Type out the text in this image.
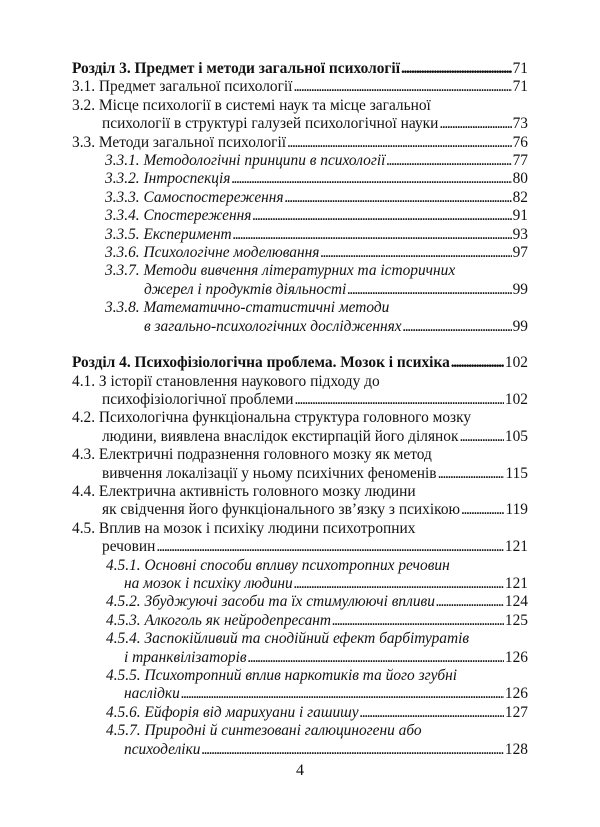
Розділ 3. Предмет і методи загальної психології . . .	71
3.1. Предмет загальної психології . . .	71
3.2. Місце психології в системі наук та місце загальної
психології в структурі галузей психологічної науки . . .	73
3.3. Методи загальної психології . . .	76
3.3.1. Методологічні принципи в психології . . .	77
3.3.2. Інтроспекція . . .	80
3.3.3. Самоспостереження . . .	82
3.3.4. Спостереження . . .	91
3.3.5. Експеримент . . .	93
3.3.6. Психологічне моделювання . . .	97
3.3.7. Методи вивчення літературних та історичних
джерел і продуктів діяльності . . .	99
3.3.8. Математично-статистичні методи
в загально-психологічних дослідженнях . . .	99
Розділ 4. Психофізіологічна проблема. Мозок і психіка . . .	102
4.1. З історії становлення наукового підходу до
психофізіологічної проблеми . . .	102
4.2. Психологічна функціональна структура головного мозку
людини, виявлена внаслідок екстирпацій його ділянок . . .	105
4.3. Електричні подразнення головного мозку як метод
вивчення локалізації у ньому психічних феноменів . . .	115
4.4. Електрична активність головного мозку людини
як свідчення його функціонального зв’язку з психікою . . .	119
4.5. Вплив на мозок і психіку людини психотропних
речовин . . .	121
4.5.1. Основні способи впливу психотропних речовин
на мозок і психіку людини . . .	121
4.5.2. Збуджуючі засоби та їх стимулюючі впливи . . .	124
4.5.3. Алкоголь як нейродепресант . . .	125
4.5.4. Заспокійливий та снодійний ефект барбітуратів
і транквілізаторів . . .	126
4.5.5. Психотропний вплив наркотиків та його згубні
наслідки . . .	126
4.5.6. Ейфорія від марихуани і гашишу . . .	127
4.5.7. Природні й синтезовані галюциногени або
психоделіки . . .	128
4
